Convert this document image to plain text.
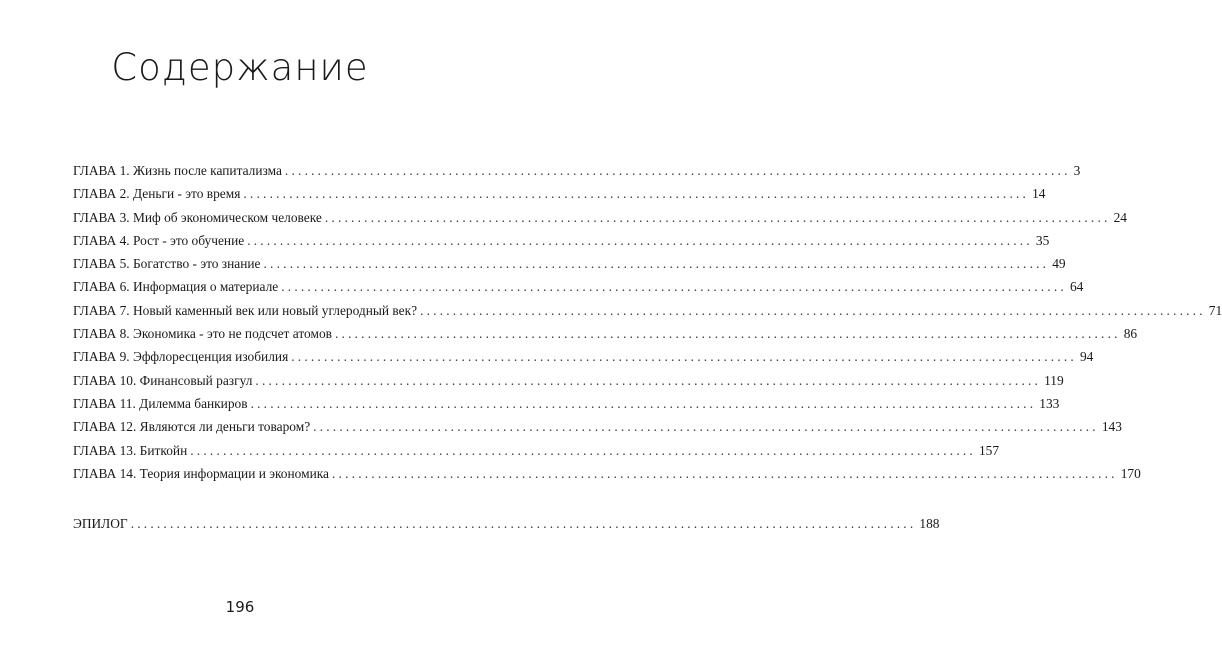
Содержание
ГЛАВА 1. Жизнь после капитализма ........................................................................................................................ 3
ГЛАВА 2. Деньги - это время ........................................................................................................................ 14
ГЛАВА 3. Миф об экономическом человеке ........................................................................................................................ 24
ГЛАВА 4. Рост - это обучение ........................................................................................................................ 35
ГЛАВА 5. Богатство - это знание ........................................................................................................................ 49
ГЛАВА 6. Информация о материале ........................................................................................................................ 64
ГЛАВА 7. Новый каменный век или новый углеродный век? ........................................................................................................................ 71
ГЛАВА 8. Экономика - это не подсчет атомов ........................................................................................................................ 86
ГЛАВА 9. Эффлоресценция изобилия ........................................................................................................................ 94
ГЛАВА 10. Финансовый разгул ........................................................................................................................ 119
ГЛАВА 11. Дилемма банкиров ........................................................................................................................ 133
ГЛАВА 12. Являются ли деньги товаром? ........................................................................................................................ 143
ГЛАВА 13. Биткойн ........................................................................................................................ 157
ГЛАВА 14. Теория информации и экономика ........................................................................................................................ 170
ЭПИЛОГ ........................................................................................................................ 188
196
